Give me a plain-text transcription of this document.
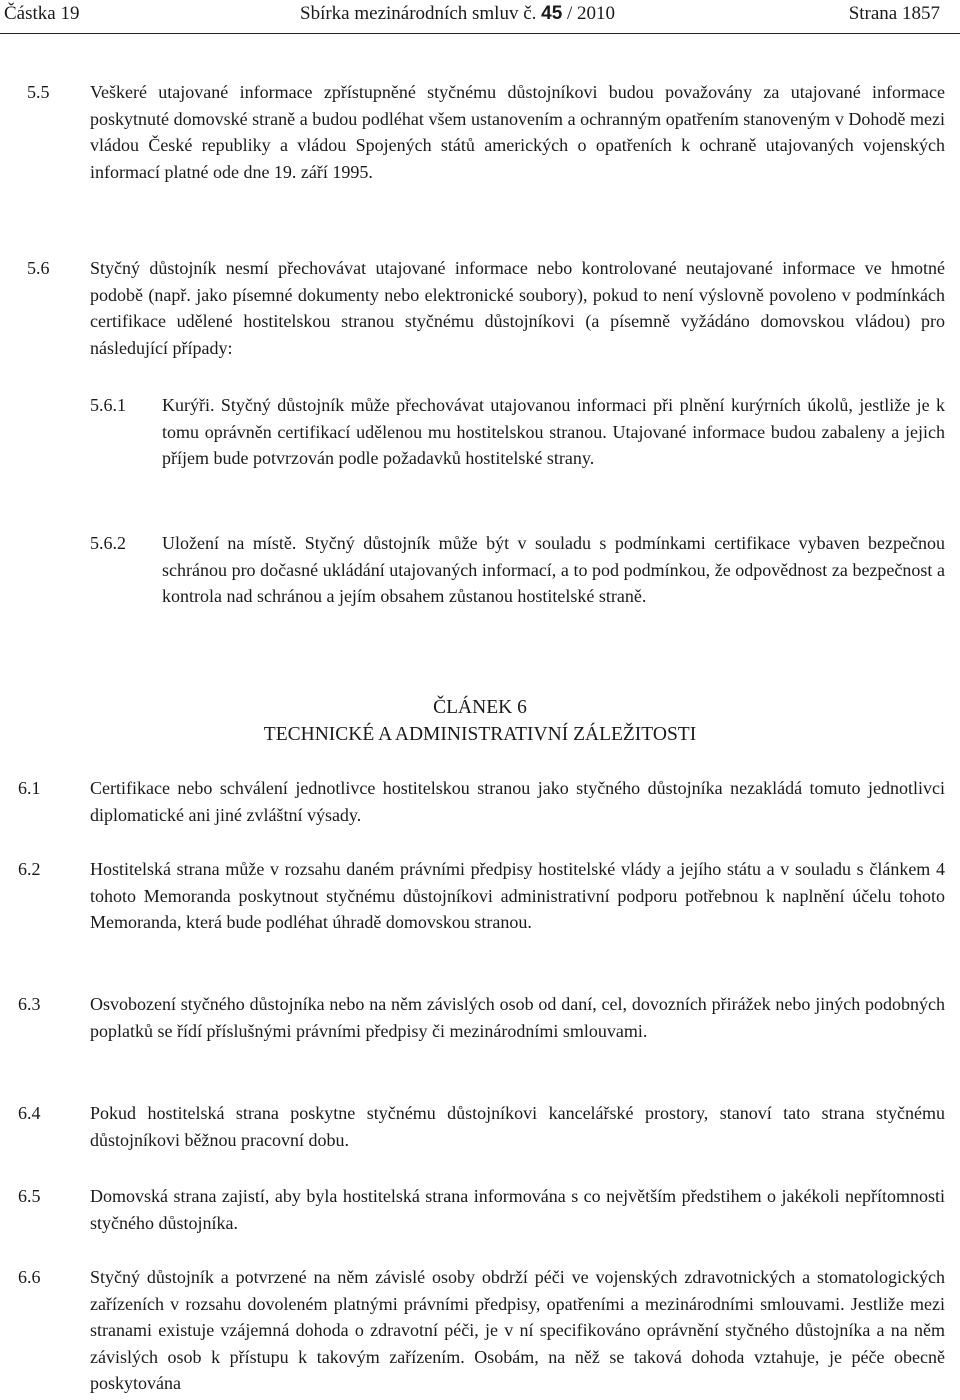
Částka 19	Sbírka mezinárodních smluv č. 45 / 2010	Strana 1857
5.5 Veškeré utajované informace zpřístupněné styčnému důstojníkovi budou považovány za utajované informace poskytnuté domovské straně a budou podléhat všem ustanovením a ochranným opatřením stanoveným v Dohodě mezi vládou České republiky a vládou Spojených států amerických o opatřeních k ochraně utajovaných vojenských informací platné ode dne 19. září 1995.
5.6 Styčný důstojník nesmí přechovávat utajované informace nebo kontrolované neutajované informace ve hmotné podobě (např. jako písemné dokumenty nebo elektronické soubory), pokud to není výslovně povoleno v podmínkách certifikace udělené hostitelskou stranou styčnému důstojníkovi (a písemně vyžádáno domovskou vládou) pro následující případy:
5.6.1 Kurýři. Styčný důstojník může přechovávat utajovanou informaci při plnění kurýrních úkolů, jestliže je k tomu oprávněn certifikací udělenou mu hostitelskou stranou. Utajované informace budou zabaleny a jejich příjem bude potvrzován podle požadavků hostitelské strany.
5.6.2 Uložení na místě. Styčný důstojník může být v souladu s podmínkami certifikace vybaven bezpečnou schránou pro dočasné ukládání utajovaných informací, a to pod podmínkou, že odpovědnost za bezpečnost a kontrola nad schránou a jejím obsahem zůstanou hostitelské straně.
ČLÁNEK 6
TECHNICKÉ A ADMINISTRATIVNÍ ZÁLEŽITOSTI
6.1	Certifikace nebo schválení jednotlivce hostitelskou stranou jako styčného důstojníka nezakládá tomuto jednotlivci diplomatické ani jiné zvláštní výsady.
6.2	Hostitelská strana může v rozsahu daném právními předpisy hostitelské vlády a jejího státu a v souladu s článkem 4 tohoto Memoranda poskytnout styčnému důstojníkovi administrativní podporu potřebnou k naplnění účelu tohoto Memoranda, která bude podléhat úhradě domovskou stranou.
6.3	Osvobození styčného důstojníka nebo na něm závislých osob od daní, cel, dovozních přirážek nebo jiných podobných poplatků se řídí příslušnými právními předpisy či mezinárodními smlouvami.
6.4	Pokud hostitelská strana poskytne styčnému důstojníkovi kancelářské prostory, stanoví tato strana styčnému důstojníkovi běžnou pracovní dobu.
6.5	Domovská strana zajistí, aby byla hostitelská strana informována s co největším předstihem o jakékoli nepřítomnosti styčného důstojníka.
6.6	Styčný důstojník a potvrzené na něm závislé osoby obdrží péči ve vojenských zdravotnických a stomatologických zařízeních v rozsahu dovoleném platnými právními předpisy, opatřeními a mezinárodními smlouvami. Jestliže mezi stranami existuje vzájemná dohoda o zdravotní péči, je v ní specifikováno oprávnění styčného důstojníka a na něm závislých osob k přístupu k takovým zařízením. Osobám, na něž se taková dohoda vztahuje, je péče obecně poskytována
